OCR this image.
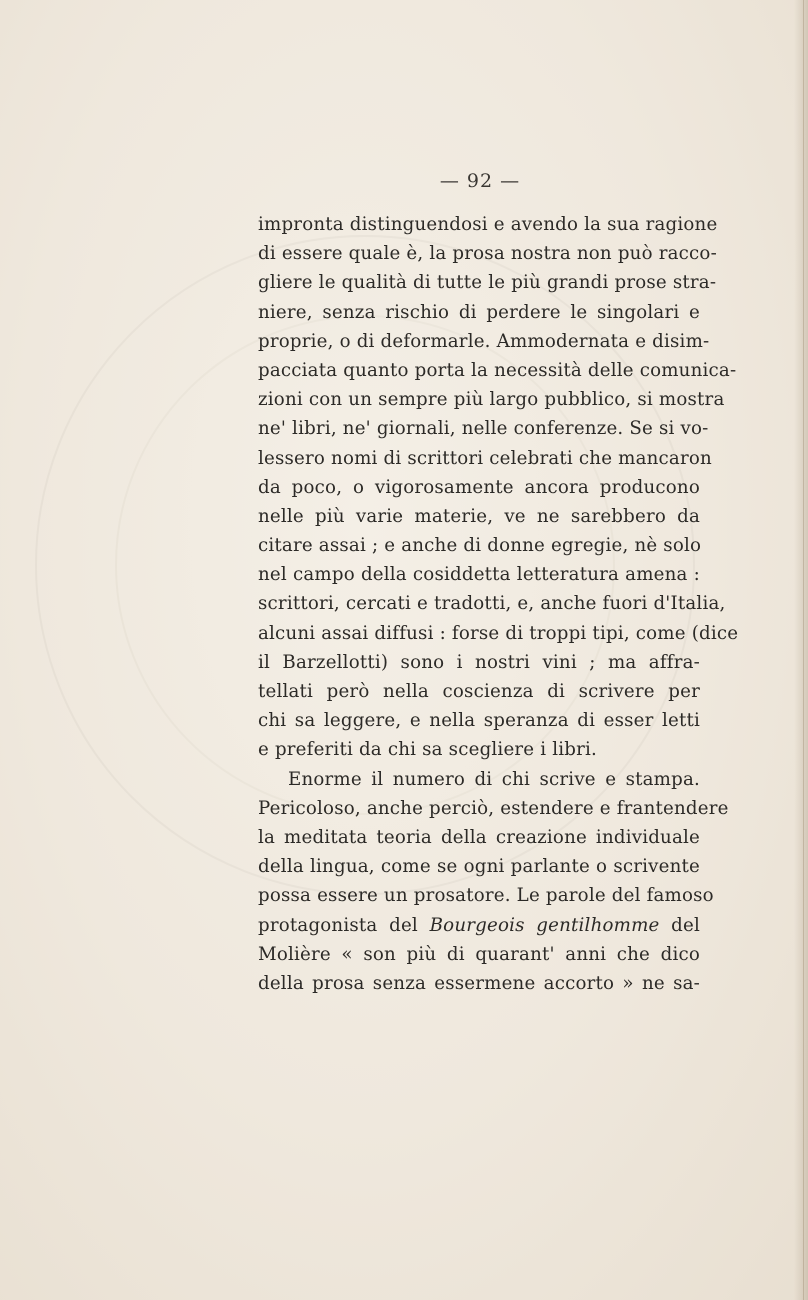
— 92 —
impronta distinguendosi e avendo la sua ragione
di essere quale è, la prosa nostra non può racco-
gliere le qualità di tutte le più grandi prose stra-
niere, senza rischio di perdere le singolari e
proprie, o di deformarle. Ammodernata e disim-
pacciata quanto porta la necessità delle comunica-
zioni con un sempre più largo pubblico, si mostra
ne' libri, ne' giornali, nelle conferenze. Se si vo-
lessero nomi di scrittori celebrati che mancaron
da poco, o vigorosamente ancora producono
nelle più varie materie, ve ne sarebbero da
citare assai ; e anche di donne egregie, nè solo
nel campo della cosiddetta letteratura amena :
scrittori, cercati e tradotti, e, anche fuori d'Italia,
alcuni assai diffusi : forse di troppi tipi, come (dice
il Barzellotti) sono i nostri vini ; ma affra-
tellati però nella coscienza di scrivere per
chi sa leggere, e nella speranza di esser letti
e preferiti da chi sa scegliere i libri.
Enorme il numero di chi scrive e stampa.
Pericoloso, anche perciò, estendere e frantendere
la meditata teoria della creazione individuale
della lingua, come se ogni parlante o scrivente
possa essere un prosatore. Le parole del famoso
protagonista del Bourgeois gentilhomme del
Molière « son più di quarant' anni che dico
della prosa senza essermene accorto » ne sa-
